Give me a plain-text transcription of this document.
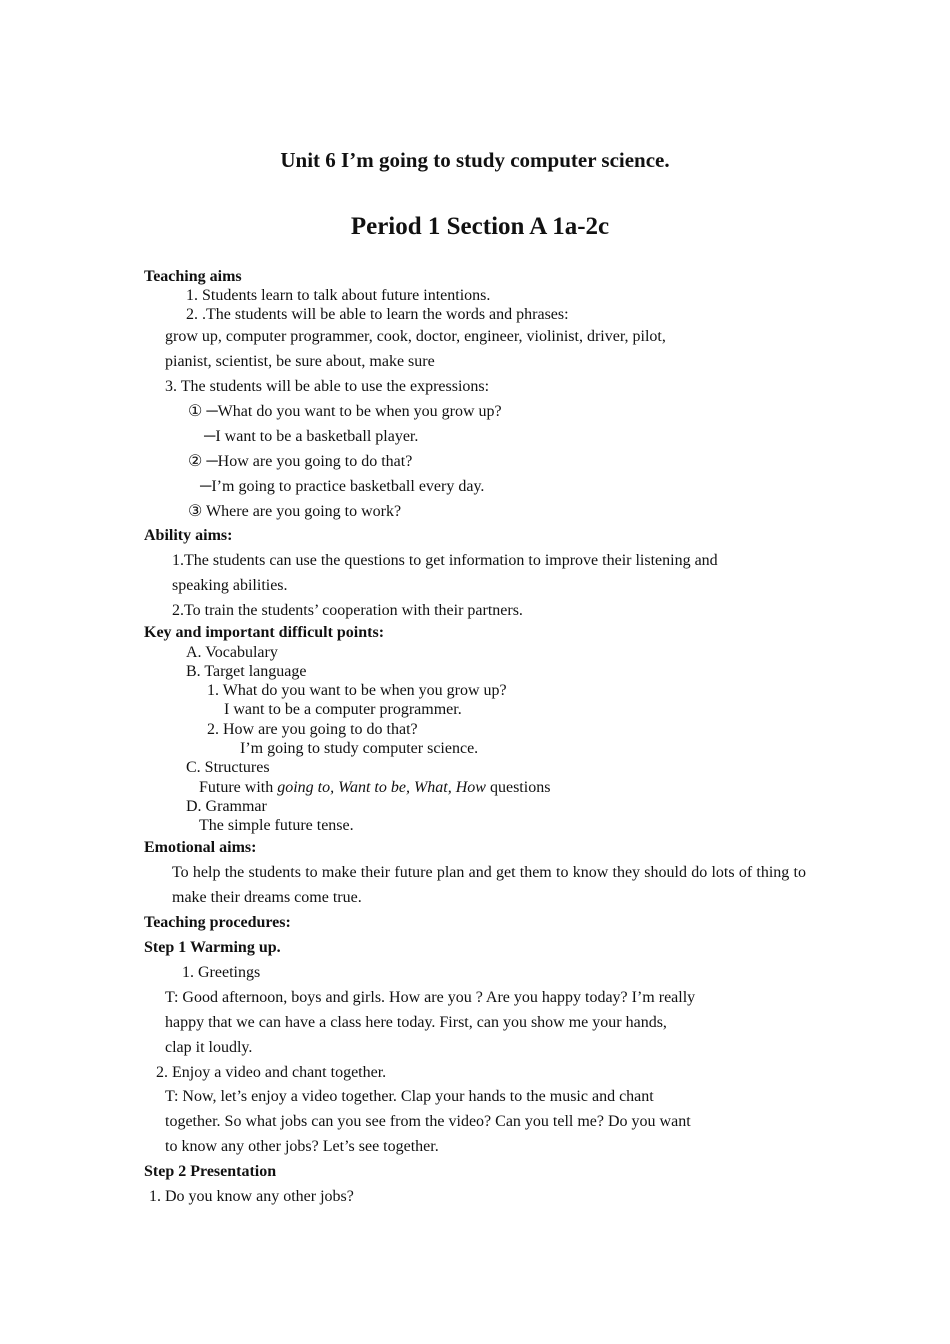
Unit 6 I’m going to study computer science.
Period 1 Section A 1a-2c
Teaching aims
1. Students learn to talk about future intentions.
2. .The students will be able to learn the words and phrases:
grow up, computer programmer, cook, doctor, engineer, violinist, driver, pilot,
pianist, scientist, be sure about, make sure
3. The students will be able to use the expressions:
① ─What do you want to be when you grow up?
─I want to be a basketball player.
② ─How are you going to do that?
─I’m going to practice basketball every day.
③ Where are you going to work?
Ability aims:
1.The students can use the questions to get information to improve their listening and
speaking abilities.
2.To train the students’ cooperation with their partners.
Key and important difficult points:
A. Vocabulary
B. Target language
1. What do you want to be when you grow up?
I want to be a computer programmer.
2. How are you going to do that?
I’m going to study computer science.
C. Structures
Future with going to, Want to be, What, How questions
D. Grammar
The simple future tense.
Emotional aims:
To help the students to make their future plan and get them to know they should do lots of thing to make their dreams come true.
Teaching procedures:
Step 1 Warming up.
1. Greetings
T: Good afternoon, boys and girls. How are you ? Are you happy today? I’m really
happy that we can have a class here today. First, can you show me your hands,
clap it loudly.
2. Enjoy a video and chant together.
T: Now, let’s enjoy a video together. Clap your hands to the music and chant
together. So what jobs can you see from the video? Can you tell me? Do you want
to know any other jobs? Let’s see together.
Step 2 Presentation
1. Do you know any other jobs?
